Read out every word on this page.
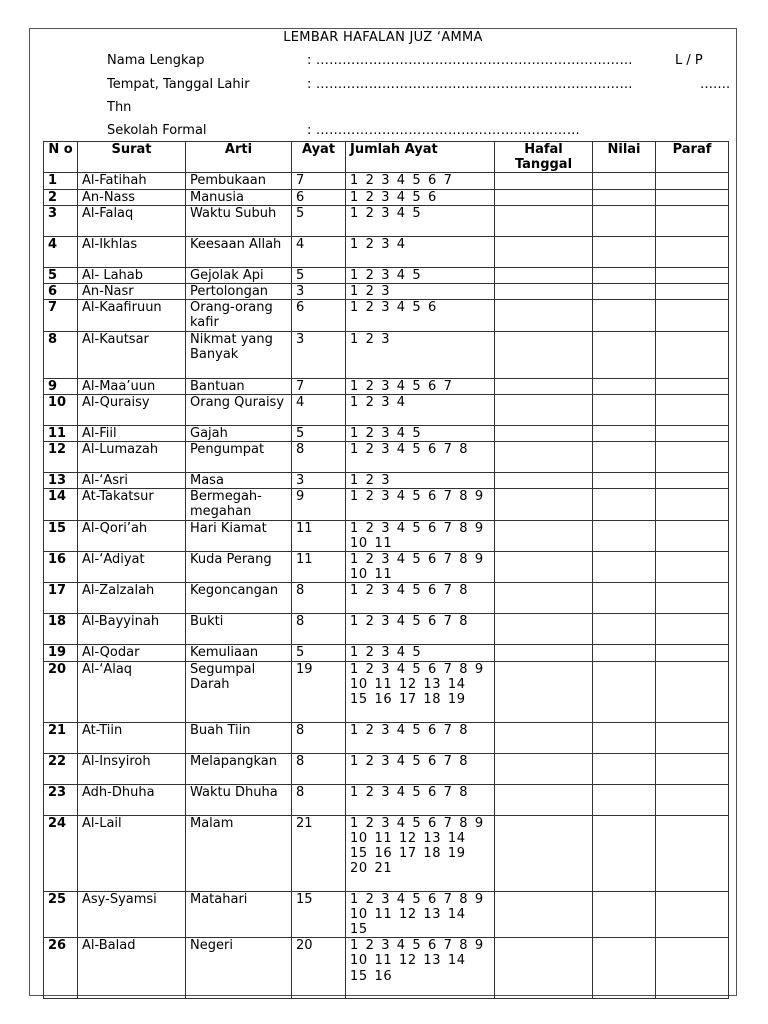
LEMBAR HAFALAN JUZ ‘AMMA
Nama Lengkap	: ………………………………………………………………	L / P
Tempat, Tanggal Lahir	: ………………………………………………………………	…….
Thn
Sekolah Formal	: ……………………………………………………
N o	Surat	Arti	Ayat	Jumlah Ayat	Hafal Tanggal	Nilai	Paraf
1	Al-Fatihah	Pembukaan	7	1 2 3 4 5 6 7			
2	An-Nass	Manusia	6	1 2 3 4 5 6			
3	Al-Falaq	Waktu Subuh	5	1 2 3 4 5			
4	Al-Ikhlas	Keesaan Allah	4	1 2 3 4			
5	Al- Lahab	Gejolak Api	5	1 2 3 4 5			
6	An-Nasr	Pertolongan	3	1 2 3			
7	Al-Kaafiruun	Orang-orang kafir	6	1 2 3 4 5 6			
8	Al-Kautsar	Nikmat yang Banyak	3	1 2 3			
9	Al-Maa’uun	Bantuan	7	1 2 3 4 5 6 7			
10	Al-Quraisy	Orang Quraisy	4	1 2 3 4			
11	Al-Fiil	Gajah	5	1 2 3 4 5			
12	Al-Lumazah	Pengumpat	8	1 2 3 4 5 6 7 8			
13	Al-‘Asri	Masa	3	1 2 3			
14	At-Takatsur	Bermegah-megahan	9	1 2 3 4 5 6 7 8 9			
15	Al-Qori’ah	Hari Kiamat	11	1 2 3 4 5 6 7 8 9 10 11			
16	Al-‘Adiyat	Kuda Perang	11	1 2 3 4 5 6 7 8 9 10 11			
17	Al-Zalzalah	Kegoncangan	8	1 2 3 4 5 6 7 8			
18	Al-Bayyinah	Bukti	8	1 2 3 4 5 6 7 8			
19	Al-Qodar	Kemuliaan	5	1 2 3 4 5			
20	Al-‘Alaq	Segumpal Darah	19	1 2 3 4 5 6 7 8 9 10 11 12 13 14 15 16 17 18 19			
21	At-Tiin	Buah Tiin	8	1 2 3 4 5 6 7 8			
22	Al-Insyiroh	Melapangkan	8	1 2 3 4 5 6 7 8			
23	Adh-Dhuha	Waktu Dhuha	8	1 2 3 4 5 6 7 8			
24	Al-Lail	Malam	21	1 2 3 4 5 6 7 8 9 10 11 12 13 14 15 16 17 18 19 20 21			
25	Asy-Syamsi	Matahari	15	1 2 3 4 5 6 7 8 9 10 11 12 13 14 15			
26	Al-Balad	Negeri	20	1 2 3 4 5 6 7 8 9 10 11 12 13 14 15 16			
